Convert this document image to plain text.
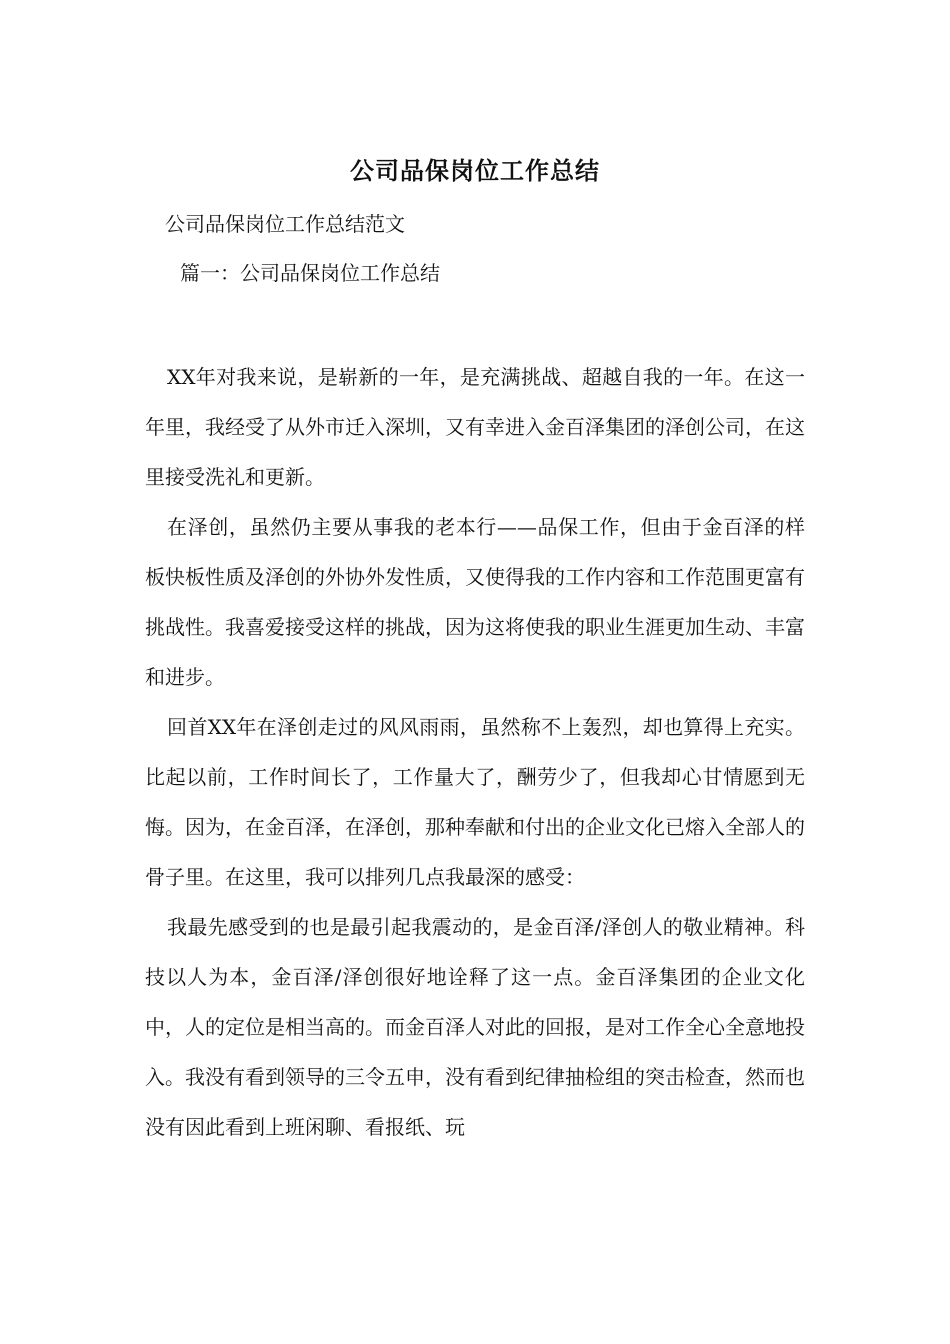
公司品保岗位工作总结

公司品保岗位工作总结范文

篇一：公司品保岗位工作总结

XX年对我来说，是崭新的一年，是充满挑战、超越自我的一年。在这一年里，我经受了从外市迁入深圳，又有幸进入金百泽集团的泽创公司，在这里接受洗礼和更新。

在泽创，虽然仍主要从事我的老本行——品保工作，但由于金百泽的样板快板性质及泽创的外协外发性质，又使得我的工作内容和工作范围更富有挑战性。我喜爱接受这样的挑战，因为这将使我的职业生涯更加生动、丰富和进步。

回首XX年在泽创走过的风风雨雨，虽然称不上轰烈，却也算得上充实。比起以前，工作时间长了，工作量大了，酬劳少了，但我却心甘情愿到无悔。因为，在金百泽，在泽创，那种奉献和付出的企业文化已熔入全部人的骨子里。在这里，我可以排列几点我最深的感受：

我最先感受到的也是最引起我震动的，是金百泽/泽创人的敬业精神。科技以人为本，金百泽/泽创很好地诠释了这一点。金百泽集团的企业文化中，人的定位是相当高的。而金百泽人对此的回报，是对工作全心全意地投入。我没有看到领导的三令五申，没有看到纪律抽检组的突击检查，然而也没有因此看到上班闲聊、看报纸、玩
